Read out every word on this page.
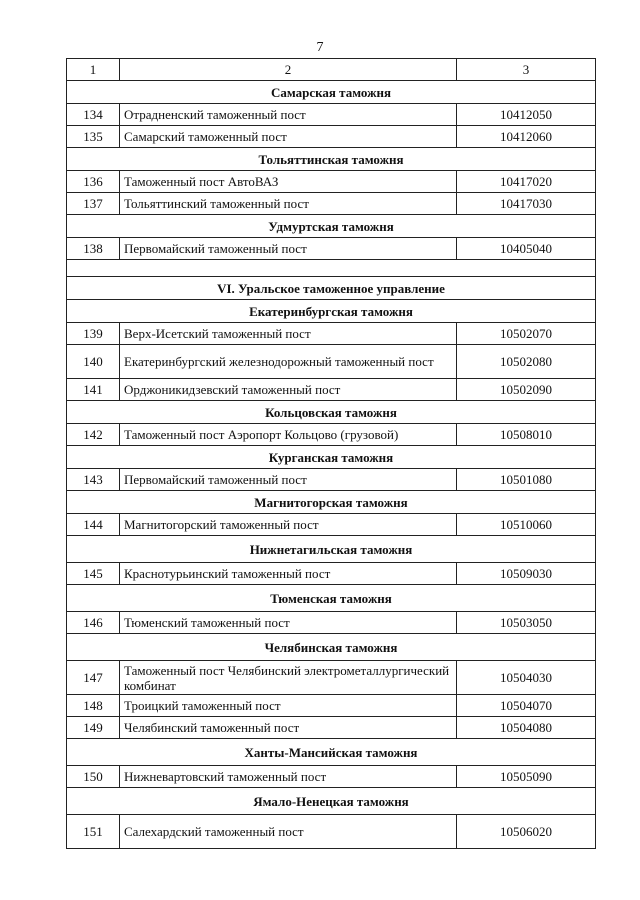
7
1	2	3
Самарская таможня		
134	Отрадненский таможенный пост	10412050
135	Самарский таможенный пост	10412060
Тольяттинская таможня		
136	Таможенный пост АвтоВАЗ	10417020
137	Тольяттинский таможенный пост	10417030
Удмуртская таможня		
138	Первомайский таможенный пост	10405040

VI. Уральское таможенное управление		
Екатеринбургская таможня		
139	Верх-Исетский таможенный пост	10502070
140	Екатеринбургский железнодорожный таможенный пост	10502080
141	Орджоникидзевский таможенный пост	10502090
Кольцовская таможня		
142	Таможенный пост Аэропорт Кольцово (грузовой)	10508010
Курганская таможня		
143	Первомайский таможенный пост	10501080
Магнитогорская таможня		
144	Магнитогорский таможенный пост	10510060
Нижнетагильская таможня		
145	Краснотурьинский таможенный пост	10509030
Тюменская таможня		
146	Тюменский таможенный пост	10503050
Челябинская таможня		
147	Таможенный пост Челябинский электрометаллургический комбинат	10504030
148	Троицкий таможенный пост	10504070
149	Челябинский таможенный пост	10504080
Ханты-Мансийская таможня		
150	Нижневартовский таможенный пост	10505090
Ямало-Ненецкая таможня		
151	Салехардский таможенный пост	10506020
